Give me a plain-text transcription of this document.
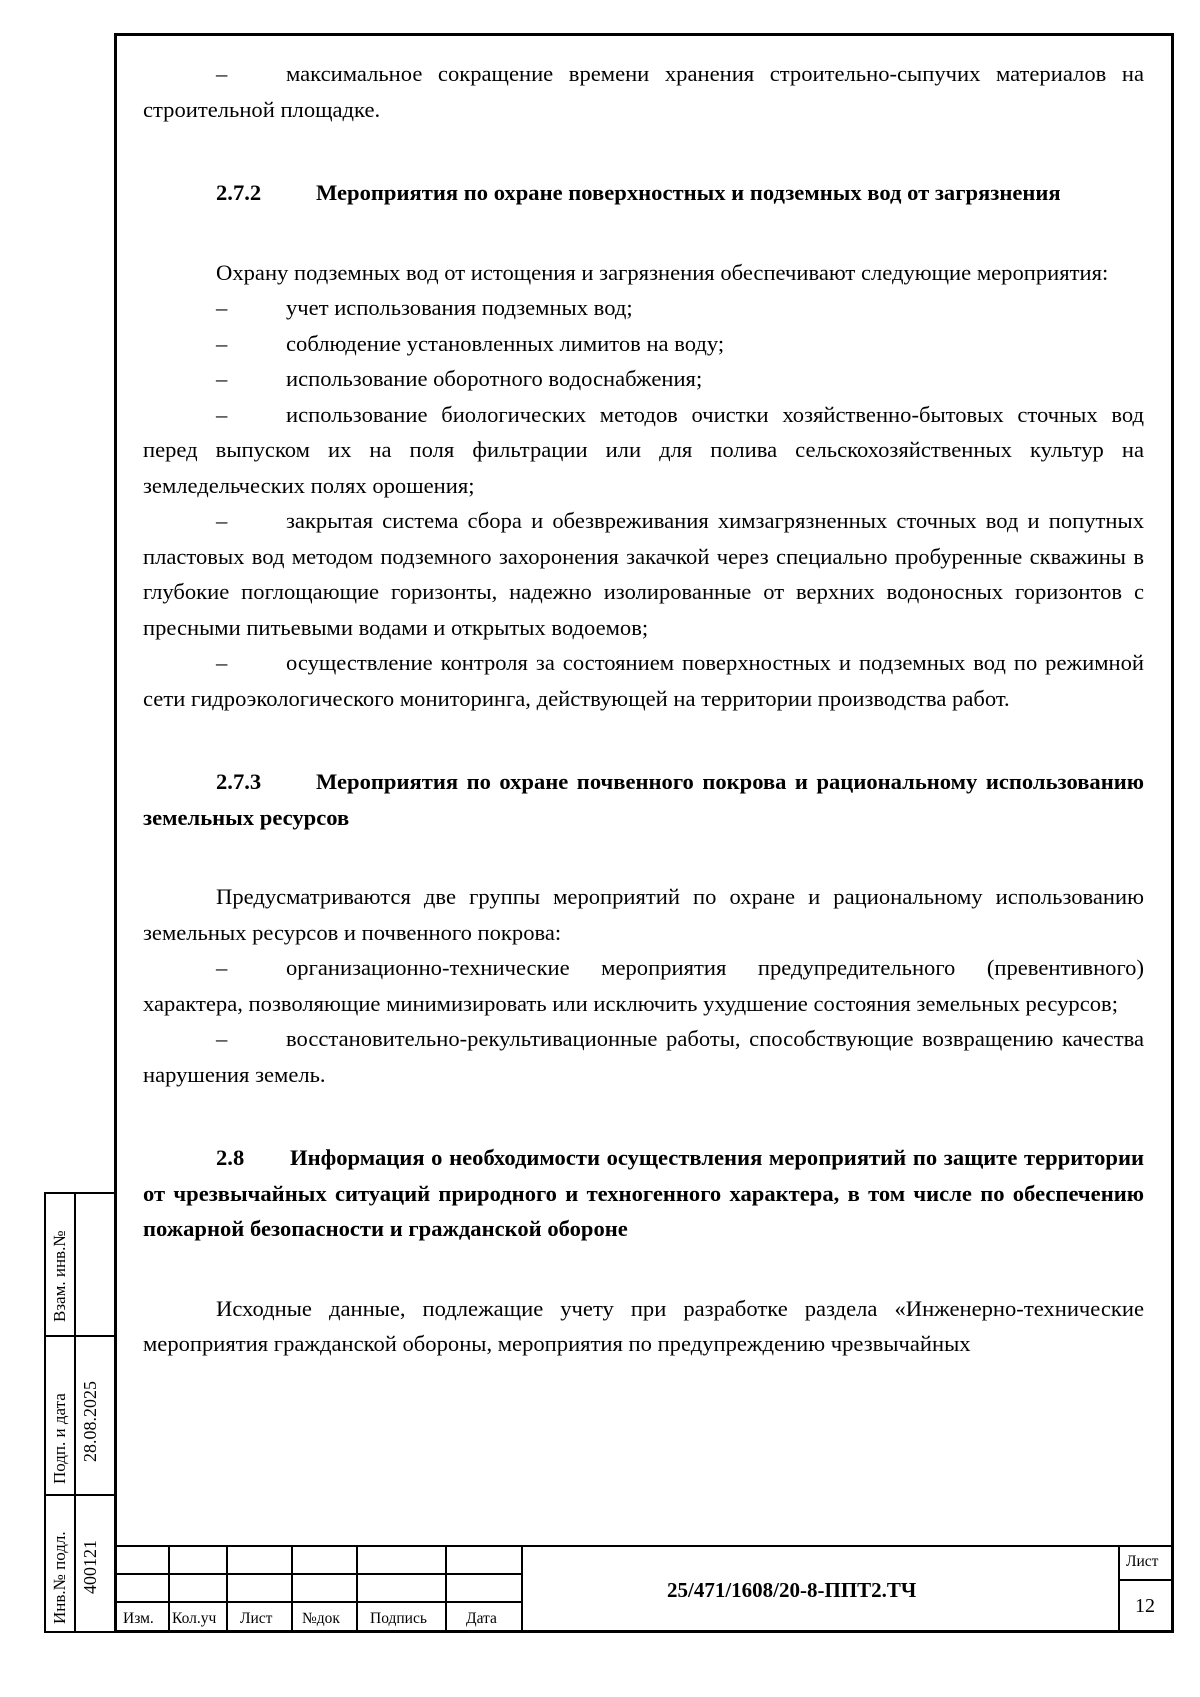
–	максимальное сокращение времени хранения строительно-сыпучих материалов на строительной площадке.

2.7.2 Мероприятия по охране поверхностных и подземных вод от загрязнения

Охрану подземных вод от истощения и загрязнения обеспечивают следующие мероприятия:

–	учет использования подземных вод;

–	соблюдение установленных лимитов на воду;

–	использование оборотного водоснабжения;

–	использование биологических методов очистки хозяйственно-бытовых сточных вод перед выпуском их на поля фильтрации или для полива сельскохозяйственных культур на земледельческих полях орошения;

–	закрытая система сбора и обезвреживания химзагрязненных сточных вод и попутных пластовых вод методом подземного захоронения закачкой через специально пробуренные скважины в глубокие поглощающие горизонты, надежно изолированные от верхних водоносных горизонтов с пресными питьевыми водами и открытых водоемов;

–	осуществление контроля за состоянием поверхностных и подземных вод по режимной сети гидроэкологического мониторинга, действующей на территории производства работ.

2.7.3 Мероприятия по охране почвенного покрова и рациональному использованию земельных ресурсов

Предусматриваются две группы мероприятий по охране и рациональному использованию земельных ресурсов и почвенного покрова:

–	организационно-технические мероприятия предупредительного (превентивного) характера, позволяющие минимизировать или исключить ухудшение состояния земельных ресурсов;

–	восстановительно-рекультивационные работы, способствующие возвращению качества нарушения земель.

2.8 Информация о необходимости осуществления мероприятий по защите территории от чрезвычайных ситуаций природного и техногенного характера, в том числе по обеспечению пожарной безопасности и гражданской обороне

Исходные данные, подлежащие учету при разработке раздела «Инженерно-технические мероприятия гражданской обороны, мероприятия по предупреждению чрезвычайных

Взам. инв.№
Подп. и дата 28.08.2025
Инв.№ подл. 400121
Изм. Кол.уч Лист №док Подпись	Дата
25/471/1608/20-8-ППТ2.ТЧ
Лист
12
